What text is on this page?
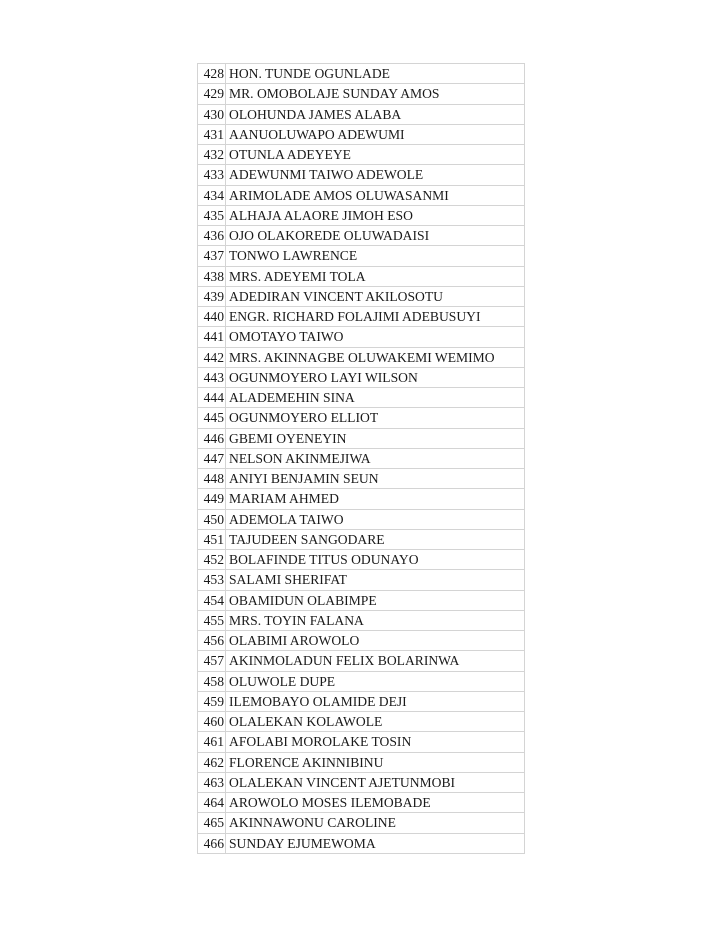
428	HON. TUNDE OGUNLADE
429	MR. OMOBOLAJE SUNDAY AMOS
430	OLOHUNDA JAMES ALABA
431	AANUOLUWAPO ADEWUMI
432	OTUNLA ADEYEYE
433	ADEWUNMI TAIWO ADEWOLE
434	ARIMOLADE AMOS OLUWASANMI
435	ALHAJA ALAORE JIMOH ESO
436	OJO OLAKOREDE OLUWADAISI
437	TONWO LAWRENCE
438	MRS. ADEYEMI TOLA
439	ADEDIRAN VINCENT AKILOSOTU
440	ENGR. RICHARD FOLAJIMI ADEBUSUYI
441	OMOTAYO TAIWO
442	MRS. AKINNAGBE OLUWAKEMI WEMIMO
443	OGUNMOYERO LAYI WILSON
444	ALADEMEHIN SINA
445	OGUNMOYERO ELLIOT
446	GBEMI OYENEYIN
447	NELSON AKINMEJIWA
448	ANIYI BENJAMIN SEUN
449	MARIAM AHMED
450	ADEMOLA TAIWO
451	TAJUDEEN SANGODARE
452	BOLAFINDE TITUS ODUNAYO
453	SALAMI SHERIFAT
454	OBAMIDUN OLABIMPE
455	MRS. TOYIN FALANA
456	OLABIMI AROWOLO
457	AKINMOLADUN FELIX BOLARINWA
458	OLUWOLE DUPE
459	ILEMOBAYO OLAMIDE DEJI
460	OLALEKAN KOLAWOLE
461	AFOLABI MOROLAKE TOSIN
462	FLORENCE AKINNIBINU
463	OLALEKAN VINCENT AJETUNMOBI
464	AROWOLO MOSES ILEMOBADE
465	AKINNAWONU CAROLINE
466	SUNDAY EJUMEWOMA
